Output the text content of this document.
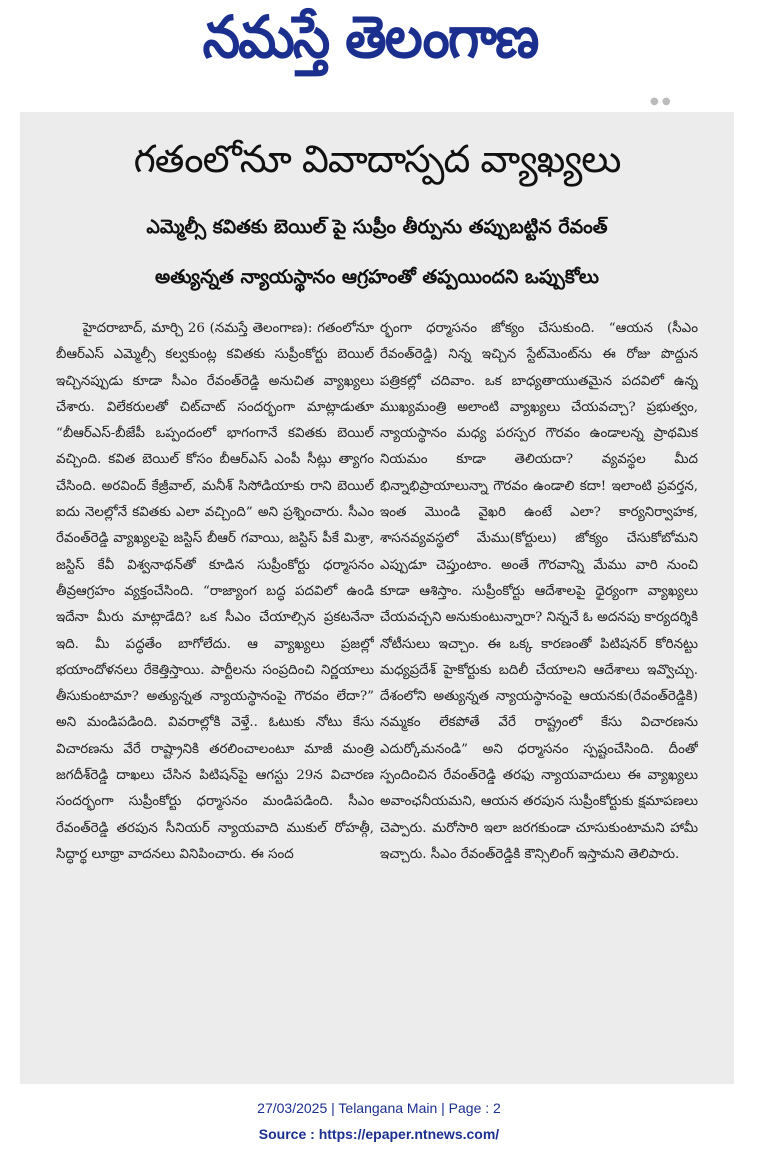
నమస్తే తెలంగాణ
● ●
గతంలోనూ వివాదాస్పద వ్యాఖ్యలు
ఎమ్మెల్సీ కవితకు బెయిల్ పై సుప్రీం తీర్పును తప్పుబట్టిన రేవంత్
అత్యున్నత న్యాయస్థానం ఆగ్రహంతో తప్పయిందని ఒప్పుకోలు

హైదరాబాద్, మార్చి 26 (నమస్తే తెలంగాణ): గతంలోనూ బీఆర్ఎస్ ఎమ్మెల్సీ కల్వకుంట్ల కవితకు సుప్రీంకోర్టు బెయిల్ ఇచ్చినప్పుడు కూడా సీఎం రేవంత్‌రెడ్డి అనుచిత వ్యాఖ్యలు చేశారు. విలేకరులతో చిట్‌చాట్ సందర్భంగా మాట్లాడుతూ “బీఆర్ఎస్-బీజేపీ ఒప్పందంలో భాగంగానే కవితకు బెయిల్ వచ్చింది. కవిత బెయిల్ కోసం బీఆర్ఎస్ ఎంపీ సీట్లు త్యాగం చేసింది. అరవింద్ కేజ్రీవాల్, మనీశ్ సిసోడియాకు రాని బెయిల్ ఐదు నెలల్లోనే కవితకు ఎలా వచ్చింది” అని ప్రశ్నించారు. సీఎం రేవంత్‌రెడ్డి వ్యాఖ్యలపై జస్టిస్ బీఆర్ గవాయి, జస్టిస్ పీకే మిశ్రా, జస్టిస్ కేవీ విశ్వనాథన్‌తో కూడిన సుప్రీంకోర్టు ధర్మాసనం తీవ్రఆగ్రహం వ్యక్తంచేసింది. “రాజ్యాంగ బద్ధ పదవిలో ఉండి ఇదేనా మీరు మాట్లాడేది? ఒక సీఎం చేయాల్సిన ప్రకటనేనా ఇది. మీ పద్ధతేం బాగోలేదు. ఆ వ్యాఖ్యలు ప్రజల్లో భయాందోళనలు రేకెత్తిస్తాయి. పార్టీలను సంప్రదించి నిర్ణయాలు తీసుకుంటామా? అత్యున్నత న్యాయస్థానంపై గౌరవం లేదా?” అని మండిపడింది. వివరాల్లోకి వెళ్తే.. ఓటుకు నోటు కేసు విచారణను వేరే రాష్ట్రానికి తరలించాలంటూ మాజీ మంత్రి జగదీశ్‌రెడ్డి దాఖలు చేసిన పిటిషన్‌పై ఆగస్టు 29న విచారణ సందర్భంగా సుప్రీంకోర్టు ధర్మాసనం మండిపడింది. సీఎం రేవంత్‌రెడ్డి తరపున సీనియర్ న్యాయవాది ముకుల్ రోహత్గీ, సిద్ధార్థ లూథ్రా వాదనలు వినిపించారు. ఈ సంద

ర్భంగా ధర్మాసనం జోక్యం చేసుకుంది. “ఆయన (సీఎం రేవంత్‌రెడ్డి) నిన్న ఇచ్చిన స్టేట్‌మెంట్‌ను ఈ రోజు పొద్దున పత్రికల్లో చదివాం. ఒక బాధ్యతాయుతమైన పదవిలో ఉన్న ముఖ్యమంత్రి అలాంటి వ్యాఖ్యలు చేయవచ్చా? ప్రభుత్వం, న్యాయస్థానం మధ్య పరస్పర గౌరవం ఉండాలన్న ప్రాథమిక నియమం కూడా తెలియదా? వ్యవస్థల మీద భిన్నాభిప్రాయాలున్నా గౌరవం ఉండాలి కదా! ఇలాంటి ప్రవర్తన, ఇంత మొండి వైఖరి ఉంటే ఎలా? కార్యనిర్వాహక, శాసనవ్యవస్థలో మేము(కోర్టులు) జోక్యం చేసుకోబోమని ఎప్పుడూ చెప్తుంటాం. అంతే గౌరవాన్ని మేము వారి నుంచి కూడా ఆశిస్తాం. సుప్రీంకోర్టు ఆదేశాలపై ధైర్యంగా వ్యాఖ్యలు చేయవచ్చని అనుకుంటున్నారా? నిన్ననే ఓ అదనపు కార్యదర్శికి నోటీసులు ఇచ్చాం. ఈ ఒక్క కారణంతో పిటిషనర్ కోరినట్టు మధ్యప్రదేశ్ హైకోర్టుకు బదిలీ చేయాలని ఆదేశాలు ఇవ్వొచ్చు. దేశంలోని అత్యున్నత న్యాయస్థానంపై ఆయనకు(రేవంత్‌రెడ్డికి) నమ్మకం లేకపోతే వేరే రాష్ట్రంలో కేసు విచారణను ఎదుర్కోమనండి” అని ధర్మాసనం స్పష్టంచేసింది. దీంతో స్పందించిన రేవంత్‌రెడ్డి తరఫు న్యాయవాదులు ఈ వ్యాఖ్యలు అవాంఛనీయమని, ఆయన తరపున సుప్రీంకోర్టుకు క్షమాపణలు చెప్పారు. మరోసారి ఇలా జరగకుండా చూసుకుంటామని హామీ ఇచ్చారు. సీఎం రేవంత్‌రెడ్డికి కౌన్సిలింగ్ ఇస్తామని తెలిపారు.

27/03/2025 | Telangana Main | Page : 2
Source : https://epaper.ntnews.com/
